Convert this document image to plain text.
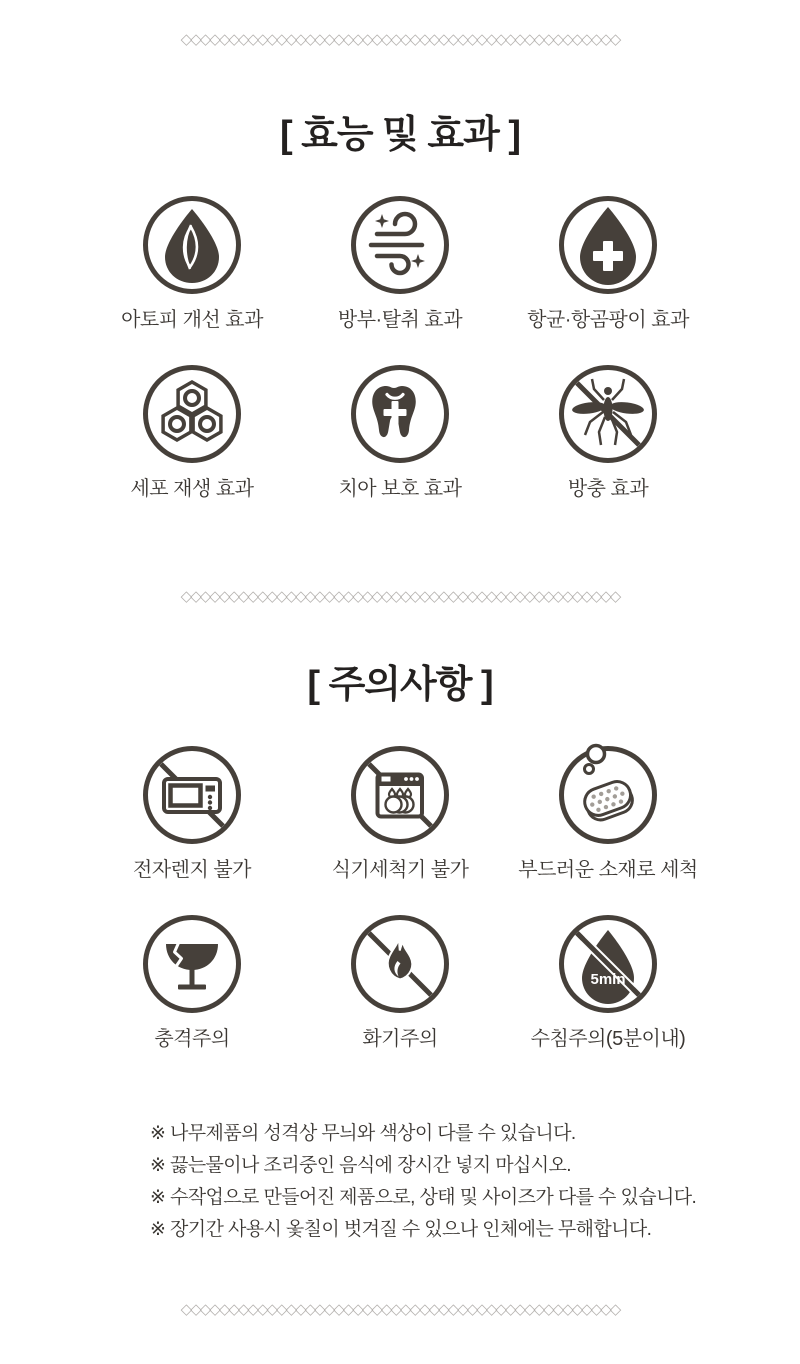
◇◇◇◇◇◇◇◇◇◇◇◇◇◇◇◇◇◇◇◇◇◇◇◇◇◇◇◇◇◇◇◇◇◇◇◇◇◇◇◇◇◇◇◇◇◇
[ 효능 및 효과 ]
아토피 개선 효과	방부·탈취 효과	항균·항곰팡이 효과
세포 재생 효과	치아 보호 효과	방충 효과
◇◇◇◇◇◇◇◇◇◇◇◇◇◇◇◇◇◇◇◇◇◇◇◇◇◇◇◇◇◇◇◇◇◇◇◇◇◇◇◇◇◇◇◇◇◇
[ 주의사항 ]
전자렌지 불가	식기세척기 불가 부드러운 소재로 세척
충격주의	화기주의
5min
수침주의(5분이내)
※ 나무제품의 성격상 무늬와 색상이 다를 수 있습니다.
※ 끓는물이나 조리중인 음식에 장시간 넣지 마십시오.
※ 수작업으로 만들어진 제품으로, 상태 및 사이즈가 다를 수 있습니다.
※ 장기간 사용시 옻칠이 벗겨질 수 있으나 인체에는 무해합니다.
◇◇◇◇◇◇◇◇◇◇◇◇◇◇◇◇◇◇◇◇◇◇◇◇◇◇◇◇◇◇◇◇◇◇◇◇◇◇◇◇◇◇◇◇◇◇
